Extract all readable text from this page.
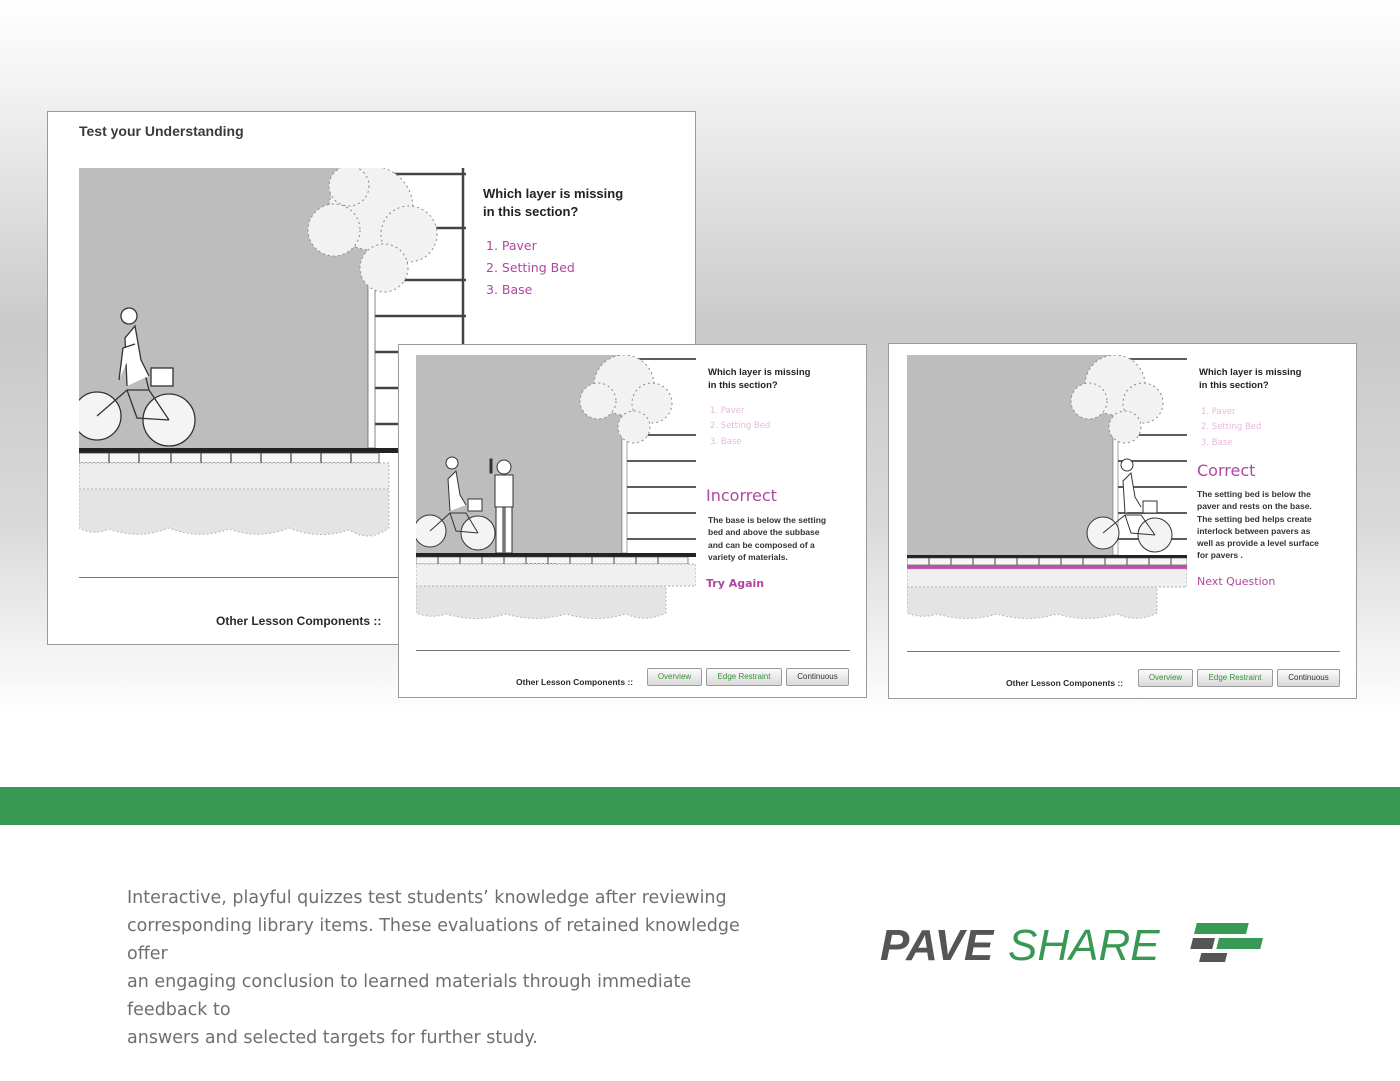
Test your Understanding
Which layer is missing
in this section?
1. Paver
2. Setting Bed
3. Base
Other Lesson Components ::
Which layer is missing
in this section?
1. Paver
2. Setting Bed
3. Base
Incorrect
The base is below the setting
bed and above the subbase
and can be composed of a
variety of materials.
Try Again
Other Lesson Components ::
Overview	Edge Restraint	Continuous
Which layer is missing
in this section?
1. Paver
2. Setting Bed
3. Base
Correct
The setting bed is below the
paver and rests on the base.
The setting bed helps create
interlock between pavers as
well as provide a level surface
for pavers .
Next Question
Other Lesson Components ::
Overview	Edge Restraint	Continuous
Interactive, playful quizzes test students’ knowledge after reviewing
corresponding library items. These evaluations of retained knowledge offer
an engaging conclusion to learned materials through immediate feedback to
answers and selected targets for further study.
PAVE SHARE
